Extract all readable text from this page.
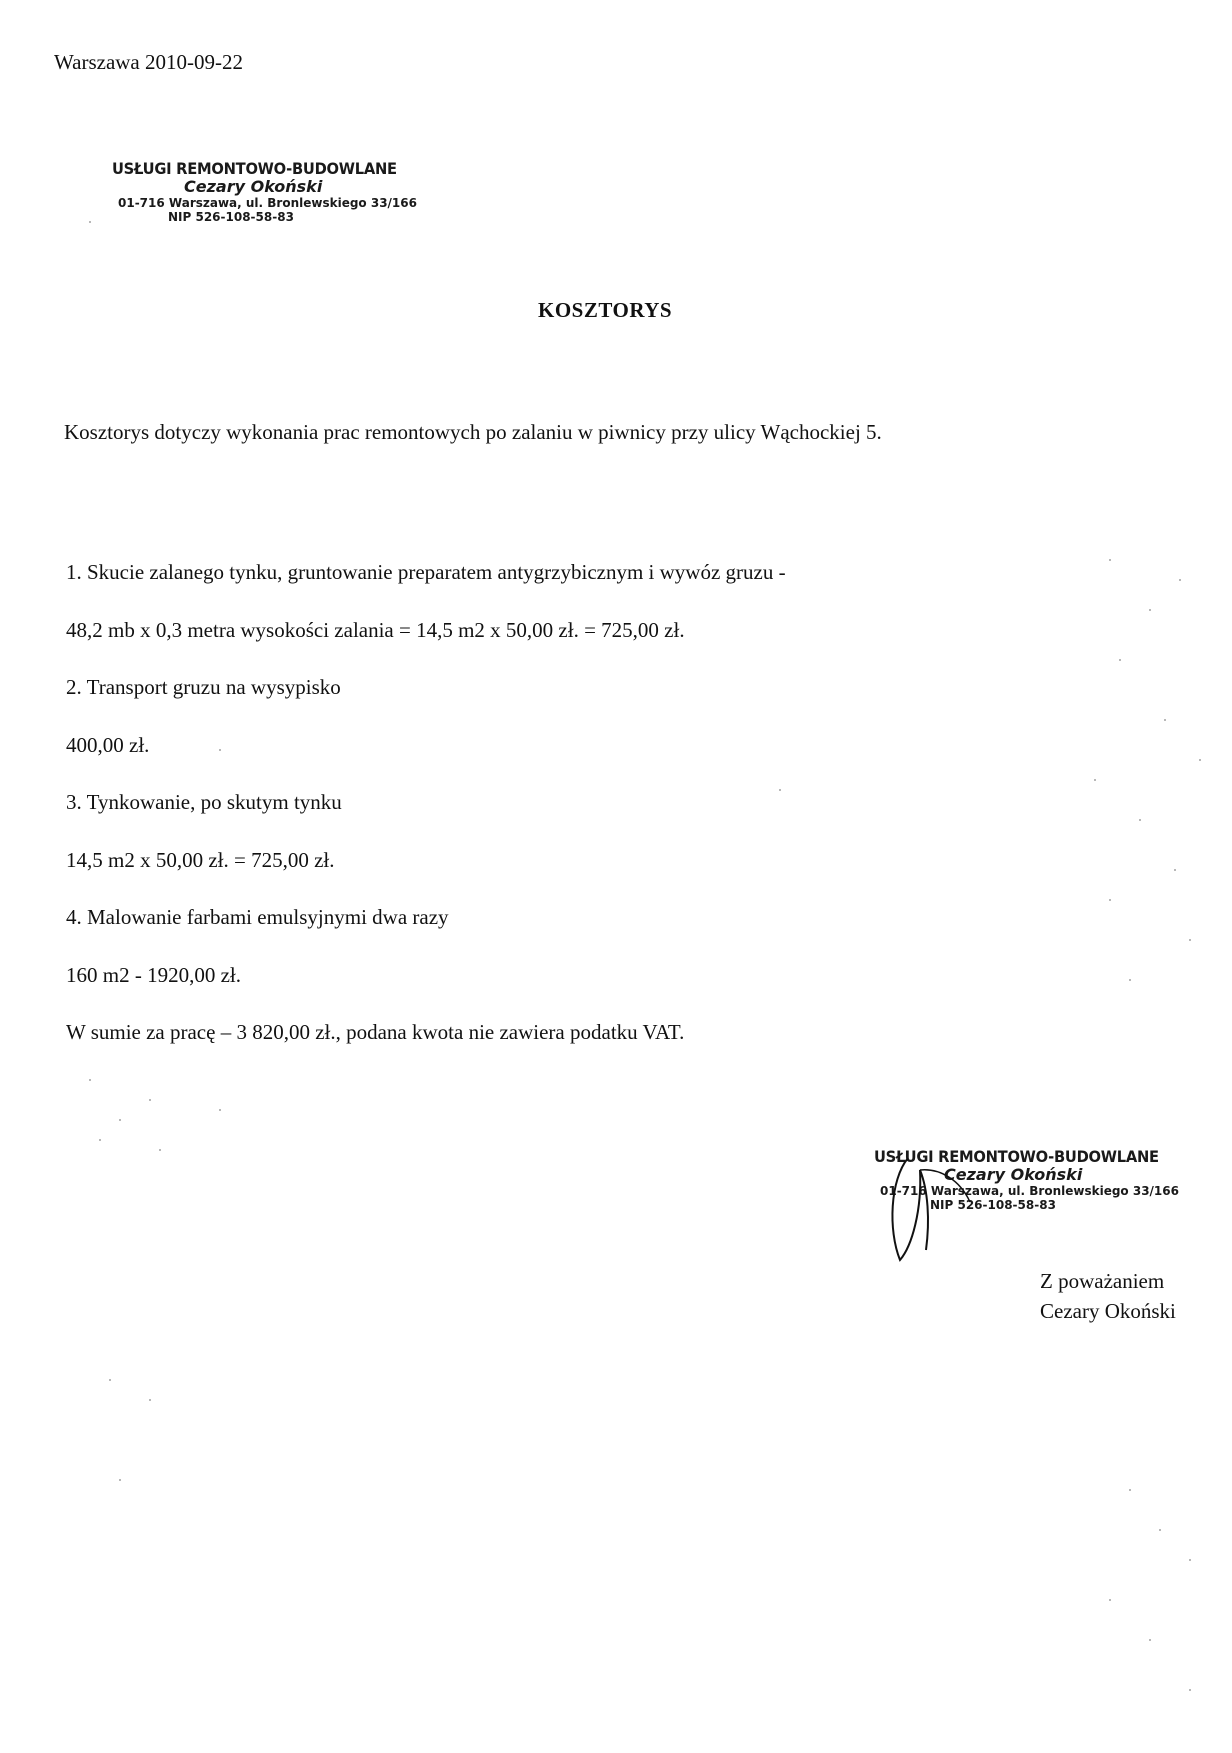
Warszawa 2010-09-22
USŁUGI REMONTOWO-BUDOWLANE
Cezary Okoński
01-716 Warszawa, ul. Bronlewskiego 33/166
NIP 526-108-58-83
KOSZTORYS
Kosztorys dotyczy wykonania prac remontowych po zalaniu w piwnicy przy ulicy Wąchockiej 5.
1. Skucie zalanego tynku, gruntowanie preparatem antygrzybicznym i wywóz gruzu -
48,2 mb x 0,3 metra wysokości zalania = 14,5 m2 x 50,00 zł. = 725,00 zł.
2. Transport gruzu na wysypisko
400,00 zł.
3. Tynkowanie, po skutym tynku
14,5 m2 x 50,00 zł. = 725,00 zł.
4. Malowanie farbami emulsyjnymi dwa razy
160 m2 - 1920,00 zł.
W sumie za pracę – 3 820,00 zł., podana kwota nie zawiera podatku VAT.
USŁUGI REMONTOWO-BUDOWLANE
Cezary Okoński
01-716 Warszawa, ul. Bronlewskiego 33/166
NIP 526-108-58-83
Z poważaniem
Cezary Okoński
